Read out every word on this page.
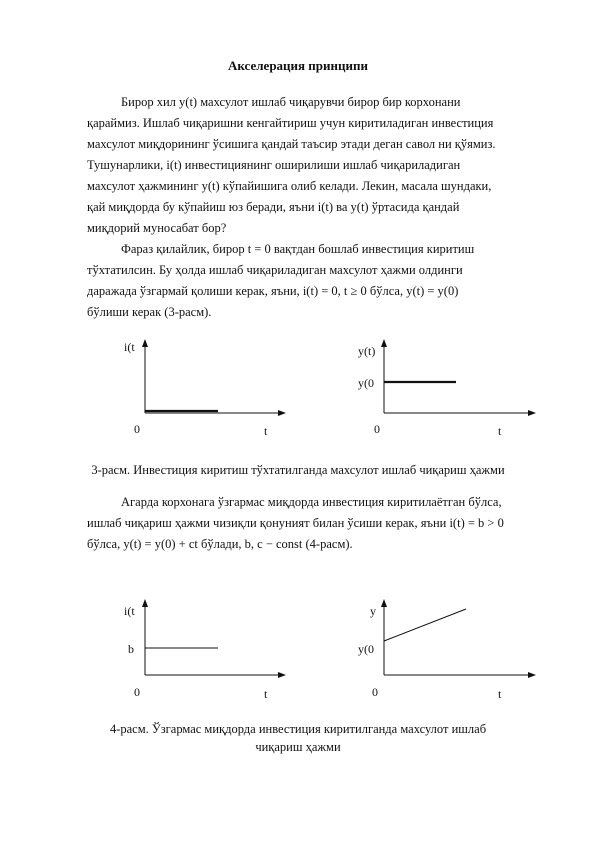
Акселерация принципи

Бирор хил y(t) махсулот ишлаб чиқарувчи бирор бир корхонани

қараймиз. Ишлаб чиқаришни кенгайтириш учун киритиладиган инвестиция

махсулот миқдорининг ўсишига қандай таъсир этади деган савол ни қўямиз.

Тушунарлики, i(t) инвестициянинг оширилиши ишлаб чиқариладиган

махсулот ҳажмининг y(t) кўпайишига олиб келади. Лекин, масала шундаки,

қай миқдорда бу кўпайиш юз беради, яъни i(t) ва y(t) ўртасида қандай

миқдорий муносабат бор?

Фараз қилайлик, бирор t = 0 вақтдан бошлаб инвестиция киритиш

тўхтатилсин. Бу ҳолда ишлаб чиқариладиган махсулот ҳажми олдинги

даражада ўзгармай қолиши керак, яъни, i(t) = 0, t ≥ 0 бўлса, y(t) = y(0)

бўлиши керак (3-расм).

i(t
0	t
y(t)
y(0
0	t
3-расм. Инвестиция киритиш тўхтатилганда махсулот ишлаб чиқариш ҳажми

Агарда корхонага ўзгармас миқдорда инвестиция киритилаётган бўлса,

ишлаб чиқариш ҳажми чизиқли қонуният билан ўсиши керак, яъни i(t) = b > 0

бўлса, y(t) = y(0) + ct бўлади, b, c − const (4-расм).

i(t
b
0	t
y
y(0
0	t
4-расм. Ўзгармас миқдорда инвестиция киритилганда махсулот ишлаб
чиқариш ҳажми
